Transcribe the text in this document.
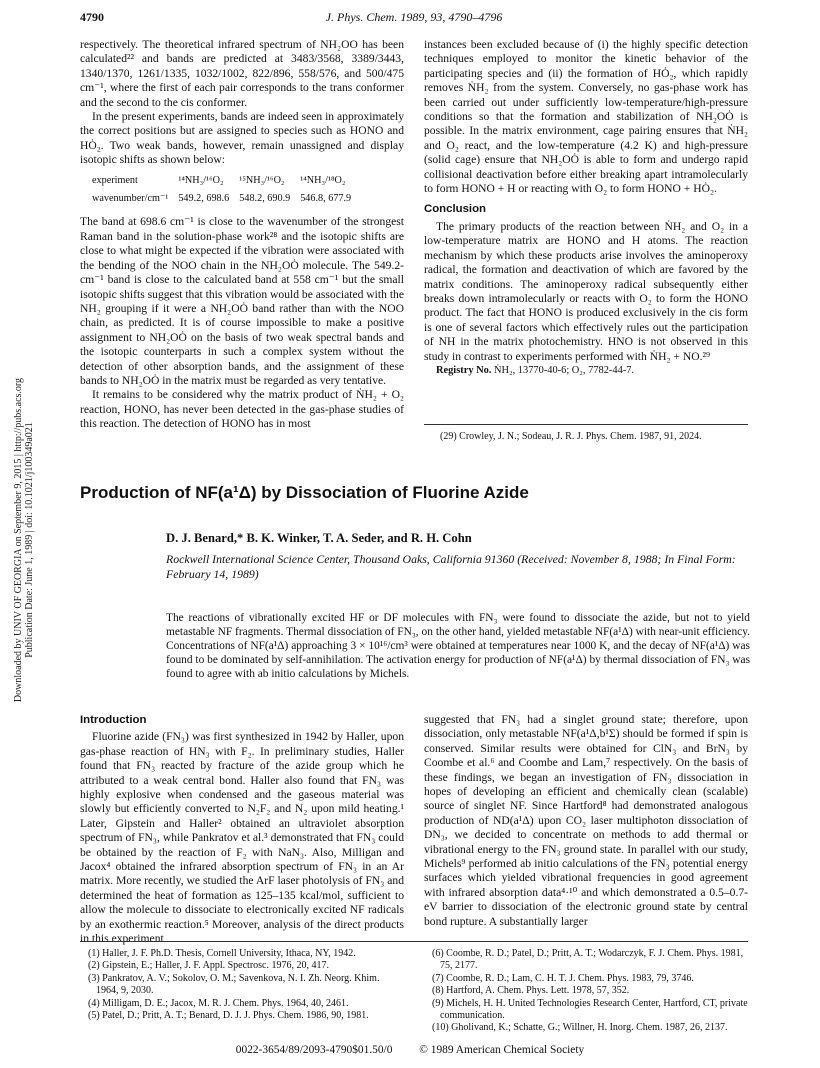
4790	J. Phys. Chem. 1989, 93, 4790–4796
Downloaded by UNIV OF GEORGIA on September 9, 2015 | http://pubs.acs.org Publication Date: June 1, 1989 | doi: 10.1021/j100349a021

respectively. The theoretical infrared spectrum of NH₂OO has been calculated²² and bands are predicted at 3483/3568, 3389/3443, 1340/1370, 1261/1335, 1032/1002, 822/896, 558/576, and 500/475 cm⁻¹, where the first of each pair corresponds to the trans conformer and the second to the cis conformer.

In the present experiments, bands are indeed seen in approximately the correct positions but are assigned to species such as HONO and HȮ₂. Two weak bands, however, remain unassigned and display isotopic shifts as shown below:

experiment	¹⁴NH₃/¹⁶O₂	¹⁵NH₃/¹⁶O₂	¹⁴NH₃/¹⁸O₂
wavenumber/cm⁻¹	549.2, 698.6	548.2, 690.9	546.8, 677.9

The band at 698.6 cm⁻¹ is close to the wavenumber of the strongest Raman band in the solution-phase work²⁸ and the isotopic shifts are close to what might be expected if the vibration were associated with the bending of the NOO chain in the NH₂OȮ molecule. The 549.2-cm⁻¹ band is close to the calculated band at 558 cm⁻¹ but the small isotopic shifts suggest that this vibration would be associated with the NH₂ grouping if it were a NH₂OȮ band rather than with the NOO chain, as predicted. It is of course impossible to make a positive assignment to NH₂OȮ on the basis of two weak spectral bands and the isotopic counterparts in such a complex system without the detection of other absorption bands, and the assignment of these bands to NH₂OȮ in the matrix must be regarded as very tentative.

It remains to be considered why the matrix product of ṄH₂ + O₂ reaction, HONO, has never been detected in the gas-phase studies of this reaction. The detection of HONO has in most

instances been excluded because of (i) the highly specific detection techniques employed to monitor the kinetic behavior of the participating species and (ii) the formation of HȮ₂, which rapidly removes ṄH₂ from the system. Conversely, no gas-phase work has been carried out under sufficiently low-temperature/high-pressure conditions so that the formation and stabilization of NH₂OȮ is possible. In the matrix environment, cage pairing ensures that ṄH₂ and O₂ react, and the low-temperature (4.2 K) and high-pressure (solid cage) ensure that NH₂OȮ is able to form and undergo rapid collisional deactivation before either breaking apart intramolecularly to form HONO + H or reacting with O₂ to form HONO + HȮ₂.

Conclusion

The primary products of the reaction between ṄH₂ and O₂ in a low-temperature matrix are HONO and H atoms. The reaction mechanism by which these products arise involves the aminoperoxy radical, the formation and deactivation of which are favored by the matrix conditions. The aminoperoxy radical subsequently either breaks down intramolecularly or reacts with O₂ to form the HONO product. The fact that HONO is produced exclusively in the cis form is one of several factors which effectively rules out the participation of NH in the matrix photochemistry. HNO is not observed in this study in contrast to experiments performed with ṄH₂ + NO.²⁹

Registry No. ṄH₂, 13770-40-6; O₂, 7782-44-7.

(29) Crowley, J. N.; Sodeau, J. R. J. Phys. Chem. 1987, 91, 2024.
Production of NF(a¹Δ) by Dissociation of Fluorine Azide
D. J. Benard,* B. K. Winker, T. A. Seder, and R. H. Cohn
Rockwell International Science Center, Thousand Oaks, California 91360 (Received: November 8, 1988; In Final Form: February 14, 1989)
The reactions of vibrationally excited HF or DF molecules with FN₃ were found to dissociate the azide, but not to yield metastable NF fragments. Thermal dissociation of FN₃, on the other hand, yielded metastable NF(a¹Δ) with near-unit efficiency. Concentrations of NF(a¹Δ) approaching 3 × 10¹⁶/cm³ were obtained at temperatures near 1000 K, and the decay of NF(a¹Δ) was found to be dominated by self-annihilation. The activation energy for production of NF(a¹Δ) by thermal dissociation of FN₃ was found to agree with ab initio calculations by Michels.
Introduction

Fluorine azide (FN₃) was first synthesized in 1942 by Haller, upon gas-phase reaction of HN₃ with F₂. In preliminary studies, Haller found that FN₃ reacted by fracture of the azide group which he attributed to a weak central bond. Haller also found that FN₃ was highly explosive when condensed and the gaseous material was slowly but efficiently converted to N₂F₂ and N₂ upon mild heating.¹ Later, Gipstein and Haller² obtained an ultraviolet absorption spectrum of FN₃, while Pankratov et al.³ demonstrated that FN₃ could be obtained by the reaction of F₂ with NaN₃. Also, Milligan and Jacox⁴ obtained the infrared absorption spectrum of FN₃ in an Ar matrix. More recently, we studied the ArF laser photolysis of FN₃ and determined the heat of formation as 125–135 kcal/mol, sufficient to allow the molecule to dissociate to electronically excited NF radicals by an exothermic reaction.⁵ Moreover, analysis of the direct products in this experiment

suggested that FN₃ had a singlet ground state; therefore, upon dissociation, only metastable NF(a¹Δ,b¹Σ) should be formed if spin is conserved. Similar results were obtained for ClN₃ and BrN₃ by Coombe et al.⁶ and Coombe and Lam,⁷ respectively. On the basis of these findings, we began an investigation of FN₃ dissociation in hopes of developing an efficient and chemically clean (scalable) source of singlet NF. Since Hartford⁸ had demonstrated analogous production of ND(a¹Δ) upon CO₂ laser multiphoton dissociation of DN₃, we decided to concentrate on methods to add thermal or vibrational energy to the FN₃ ground state. In parallel with our study, Michels⁹ performed ab initio calculations of the FN₃ potential energy surfaces which yielded vibrational frequencies in good agreement with infrared absorption data⁴·¹⁰ and which demonstrated a 0.5–0.7-eV barrier to dissociation of the electronic ground state by central bond rupture. A substantially larger

(1) Haller, J. F. Ph.D. Thesis, Cornell University, Ithaca, NY, 1942.
(2) Gipstein, E.; Haller, J. F. Appl. Spectrosc. 1976, 20, 417.
(3) Pankratov, A. V.; Sokolov, O. M.; Savenkova, N. I. Zh. Neorg. Khim. 1964, 9, 2030.
(4) Milligam, D. E.; Jacox, M. R. J. Chem. Phys. 1964, 40, 2461.
(5) Patel, D.; Pritt, A. T.; Benard, D. J. J. Phys. Chem. 1986, 90, 1981.
(6) Coombe, R. D.; Patel, D.; Pritt, A. T.; Wodarczyk, F. J. Chem. Phys. 1981, 75, 2177.
(7) Coombe, R. D.; Lam, C. H. T. J. Chem. Phys. 1983, 79, 3746.
(8) Hartford, A. Chem. Phys. Lett. 1978, 57, 352.
(9) Michels, H. H. United Technologies Research Center, Hartford, CT, private communication.
(10) Gholivand, K.; Schatte, G.; Willner, H. Inorg. Chem. 1987, 26, 2137.
0022-3654/89/2093-4790$01.50/0 © 1989 American Chemical Society
